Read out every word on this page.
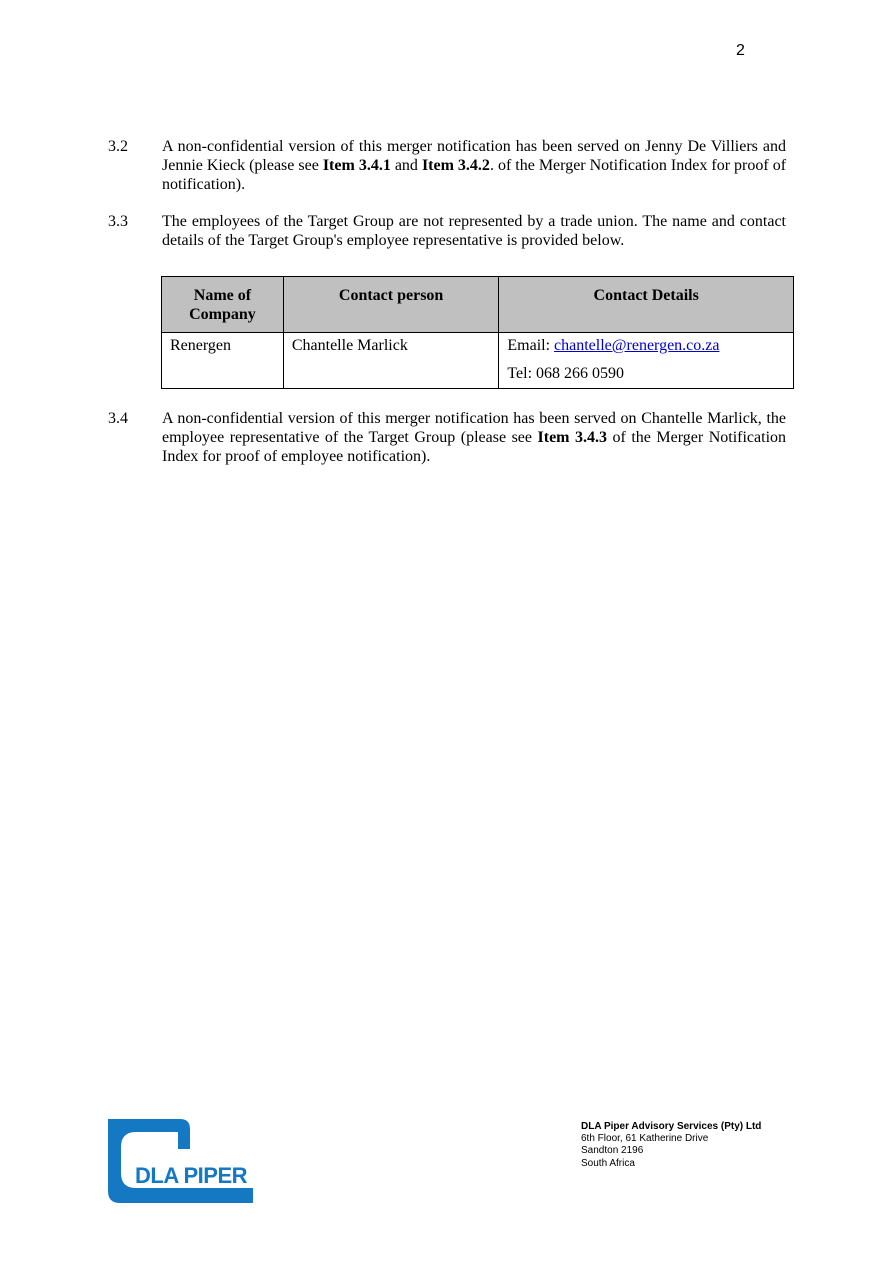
2
3.2	A non-confidential version of this merger notification has been served on Jenny De Villiers and Jennie Kieck (please see Item 3.4.1 and Item 3.4.2. of the Merger Notification Index for proof of notification).
3.3	The employees of the Target Group are not represented by a trade union. The name and contact details of the Target Group's employee representative is provided below.
Name of Company	Contact person	Contact Details
Renergen	Chantelle Marlick	Email: chantelle@renergen.co.za
Tel: 068 266 0590
3.4	A non-confidential version of this merger notification has been served on Chantelle Marlick, the employee representative of the Target Group (please see Item 3.4.3 of the Merger Notification Index for proof of employee notification).
DLA PIPER
DLA Piper Advisory Services (Pty) Ltd
6th Floor, 61 Katherine Drive
Sandton 2196
South Africa
